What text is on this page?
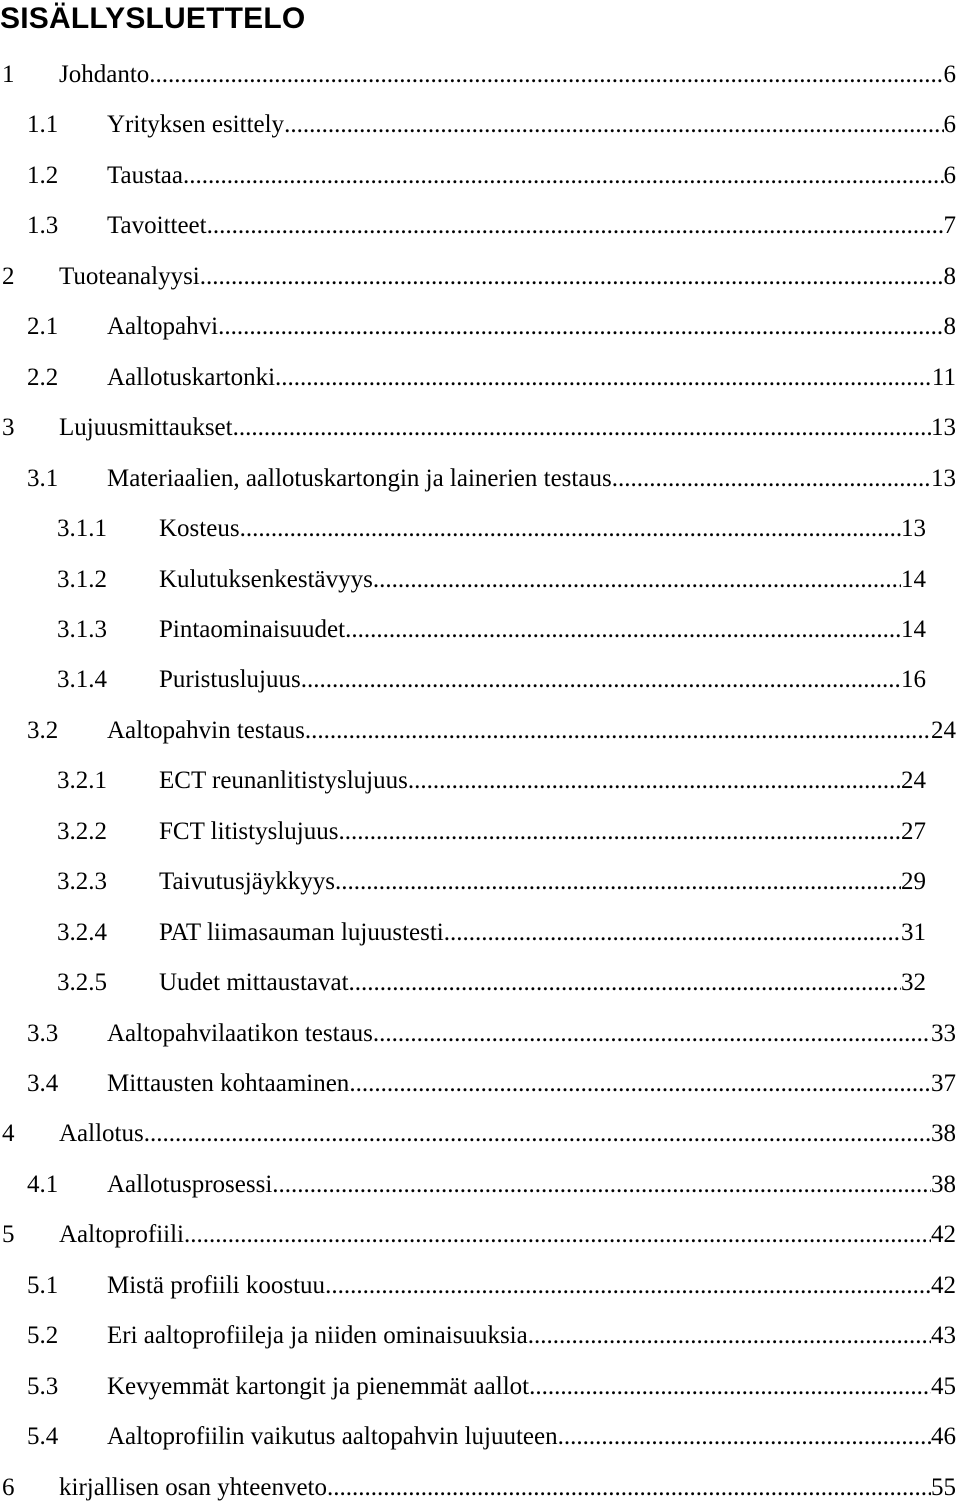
SISÄLLYSLUETTELO
1	Johdanto .....	6
1.1	Yrityksen esittely .....	6
1.2	Taustaa .....	6
1.3	Tavoitteet .....	7
2	Tuoteanalyysi .....	8
2.1	Aaltopahvi .....	8
2.2	Aallotuskartonki .....	11
3	Lujuusmittaukset .....	13
3.1	Materiaalien, aallotuskartongin ja lainerien testaus .....	13
3.1.1	Kosteus .....	13
3.1.2	Kulutuksenkestävyys .....	14
3.1.3	Pintaominaisuudet .....	14
3.1.4	Puristuslujuus .....	16
3.2	Aaltopahvin testaus .....	24
3.2.1	ECT reunanlitistyslujuus .....	24
3.2.2	FCT litistyslujuus .....	27
3.2.3	Taivutusjäykkyys .....	29
3.2.4	PAT liimasauman lujuustesti .....	31
3.2.5	Uudet mittaustavat .....	32
3.3	Aaltopahvilaatikon testaus .....	33
3.4	Mittausten kohtaaminen .....	37
4	Aallotus .....	38
4.1	Aallotusprosessi .....	38
5	Aaltoprofiili .....	42
5.1	Mistä profiili koostuu .....	42
5.2	Eri aaltoprofiileja ja niiden ominaisuuksia .....	43
5.3	Kevyemmät kartongit ja pienemmät aallot .....	45
5.4	Aaltoprofiilin vaikutus aaltopahvin lujuuteen .....	46
6	kirjallisen osan yhteenveto .....	55
